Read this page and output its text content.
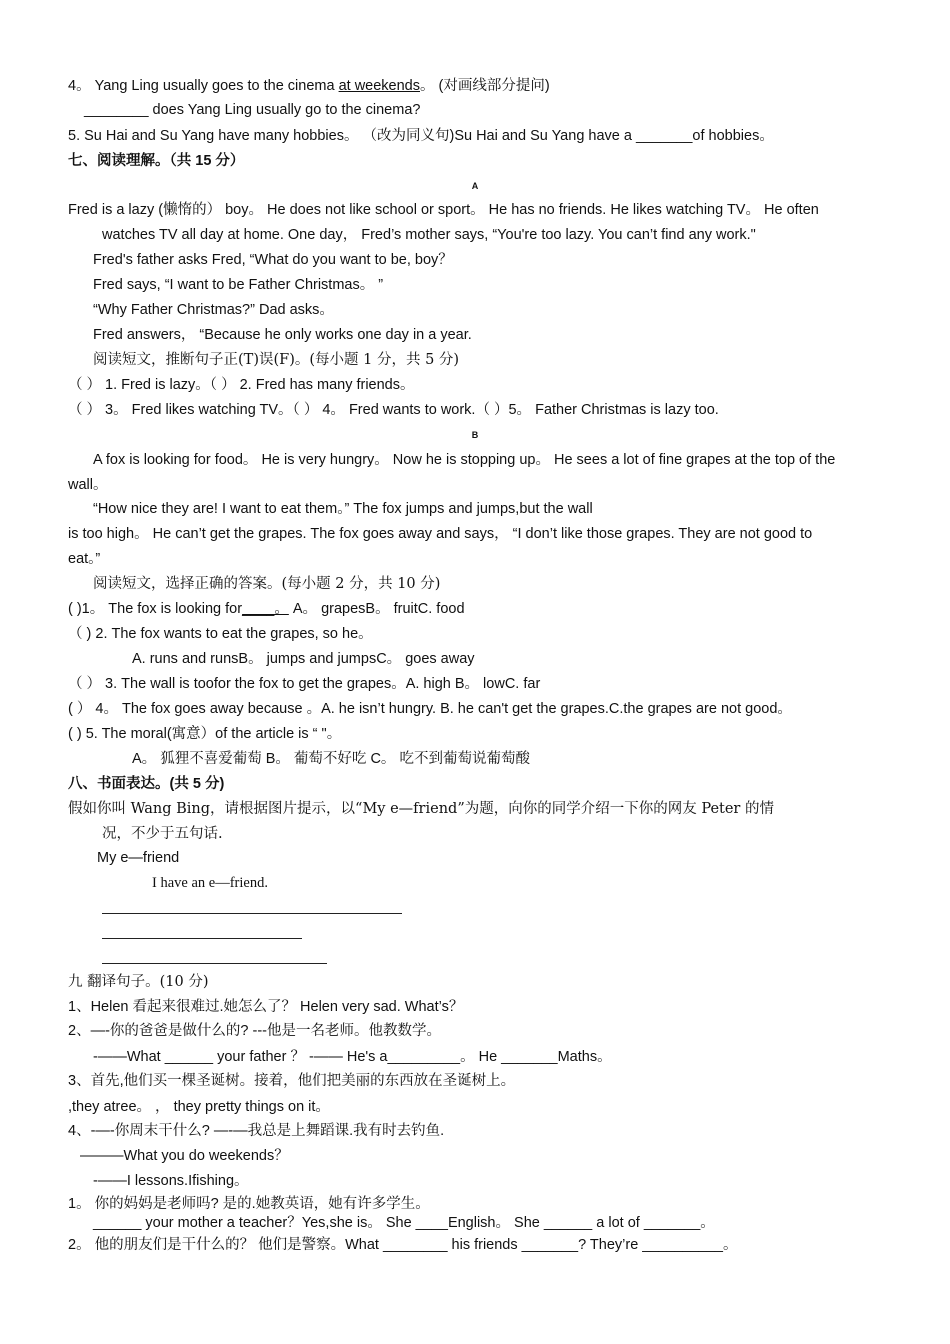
4。 Yang Ling usually goes to the cinema at weekends。 (对画线部分提问)
________ does Yang Ling usually go to the cinema?
5. Su Hai and Su Yang have many hobbies。 （改为同义句)Su Hai and Su Yang have a _______of hobbies。
七、阅读理解。（共 15 分）
A
Fred is a lazy (懒惰的） boy。 He does not like school or sport。 He has no friends. He likes watching TV。 He often
watches TV all day at home. One day， Fred’s mother says, “You're too lazy. You can’t find any work."
Fred's father asks Fred, “What do you want to be, boy？
Fred says, “I want to be Father Christmas。 ”
“Why Father Christmas?” Dad asks。
Fred answers， “Because he only works one day in a year.
阅读短文，推断句子正(T)误(F)。(每小题 1 分，共 5 分)
（ ） 1. Fred is lazy。（ ） 2. Fred has many friends。
（ ） 3。 Fred likes watching TV。（ ） 4。 Fred wants to work.（ ）5。 Father Christmas is lazy too.
B
A fox is looking for food。 He is very hungry。 Now he is stopping up。 He sees a lot of fine grapes at the top of the
wall。
“How nice they are! I want to eat them。” The fox jumps and jumps,but the wall
is too high。 He can’t get the grapes. The fox goes away and says， “I don’t like those grapes. They are not good to
eat。”
阅读短文，选择正确的答案。(每小题 2 分，共 10 分)
( )1。 The fox is looking for____。 A。 grapesB。 fruitC. food
（ ) 2. The fox wants to eat the grapes, so he。
A. runs and runsB。 jumps and jumpsC。 goes away
（ ） 3. The wall is toofor the fox to get the grapes。A. high B。 lowC. far
( ） 4。 The fox goes away because 。A. he isn’t hungry. B. he can't get the grapes.C.the grapes are not good。
( ) 5. The moral(寓意）of the article is “ "。
A。 狐狸不喜爱葡萄 B。 葡萄不好吃 C。 吃不到葡萄说葡萄酸
八、书面表达。(共 5 分)
假如你叫 Wang Bing，请根据图片提示，以“My e—friend”为题，向你的同学介绍一下你的网友 Peter 的情
况，不少于五句话.
My e—friend
I have an e—friend.
九 翻译句子。(10 分)
1、Helen 看起来很难过.她怎么了？ Helen very sad. What’s？
2、—-你的爸爸是做什么的? ---他是一名老师。他教数学。
-——What ______ your father ？ -—— He's a_________。 He _______Maths。
3、首先,他们买一棵圣诞树。接着，他们把美丽的东西放在圣诞树上。
,they atree。 ， they pretty things on it。
4、-—-你周末干什么? —-—我总是上舞蹈课.我有时去钓鱼.
———What you do weekends？
-——I lessons.Ifishing。
1。 你的妈妈是老师吗? 是的.她教英语，她有许多学生。
______ your mother a teacher？Yes,she is。 She ____English。 She ______ a lot of _______。
2。 他的朋友们是干什么的？ 他们是警察。What ________ his friends _______? They’re __________。
